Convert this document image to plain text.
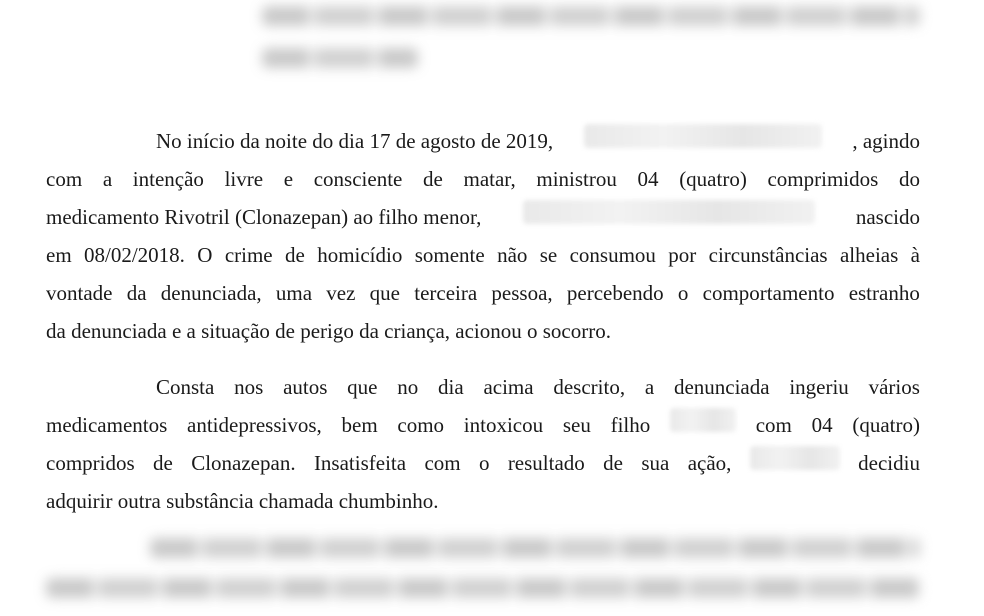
No início da noite do dia 17 de agosto de 2019,	, agindo
com a intenção livre e consciente de matar, ministrou 04 (quatro) comprimidos do
medicamento Rivotril (Clonazepan) ao filho menor,	nascido
em 08/02/2018. O crime de homicídio somente não se consumou por circunstâncias alheias à
vontade da denunciada, uma vez que terceira pessoa, percebendo o comportamento estranho
da denunciada e a situação de perigo da criança, acionou o socorro.
Consta nos autos que no dia acima descrito, a denunciada ingeriu vários
medicamentos antidepressivos, bem como intoxicou seu filho	com 04 (quatro)
compridos de Clonazepan. Insatisfeita com o resultado de sua ação,	decidiu
adquirir outra substância chamada chumbinho.
